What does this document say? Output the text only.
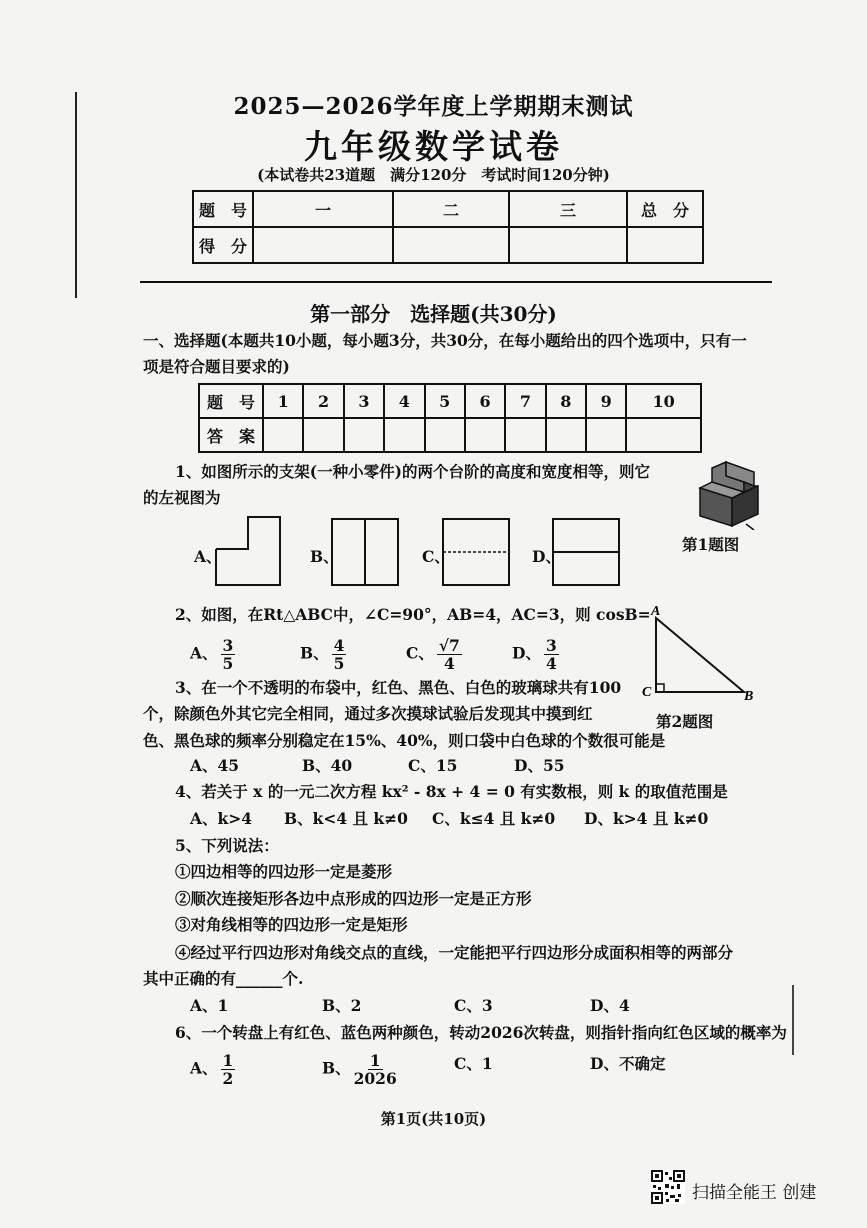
2025—2026学年度上学期期末测试
九年级数学试卷
(本试卷共23道题　满分120分　考试时间120分钟)
题　号	一	二	三	总　分
得　分				
第一部分　选择题(共30分)
一、选择题(本题共10小题，每小题3分，共30分，在每小题给出的四个选项中，只有一
项是符合题目要求的)
题　号	1	2	3	4	5	6	7	8	9	10
答　案										
1、如图所示的支架(一种小零件)的两个台阶的高度和宽度相等，则它
的左视图为
第1题图
A、	B、	C、	D、
2、如图，在Rt△ABC中，∠C=90°，AB=4，AC=3，则 cosB=
A、 $\frac{3}{5}$	B、 $\frac{4}{5}$	C、 $\frac{√7}{4}$	D、 $\frac{3}{4}$
A
C	B
第2题图
3、在一个不透明的布袋中，红色、黑色、白色的玻璃球共有100
个，除颜色外其它完全相同，通过多次摸球试验后发现其中摸到红
色、黑色球的频率分别稳定在15%、40%，则口袋中白色球的个数很可能是
A、45	B、40	C、15	D、55
4、若关于 x 的一元二次方程 kx² - 8x + 4 = 0 有实数根，则 k 的取值范围是
A、k>4 B、k<4 且 k≠0 C、k≤4 且 k≠0 D、k>4 且 k≠0
5、下列说法：
①四边相等的四边形一定是菱形
②顺次连接矩形各边中点形成的四边形一定是正方形
③对角线相等的四边形一定是矩形
④经过平行四边形对角线交点的直线，一定能把平行四边形分成面积相等的两部分
其中正确的有______个.
A、1	B、2	C、3	D、4
6、一个转盘上有红色、蓝色两种颜色，转动2026次转盘，则指针指向红色区域的概率为
A、 $\frac{1}{2}$	B、 $\frac{1}{2026}$	C、1	D、不确定
第1页(共10页)
扫描全能王 创建
